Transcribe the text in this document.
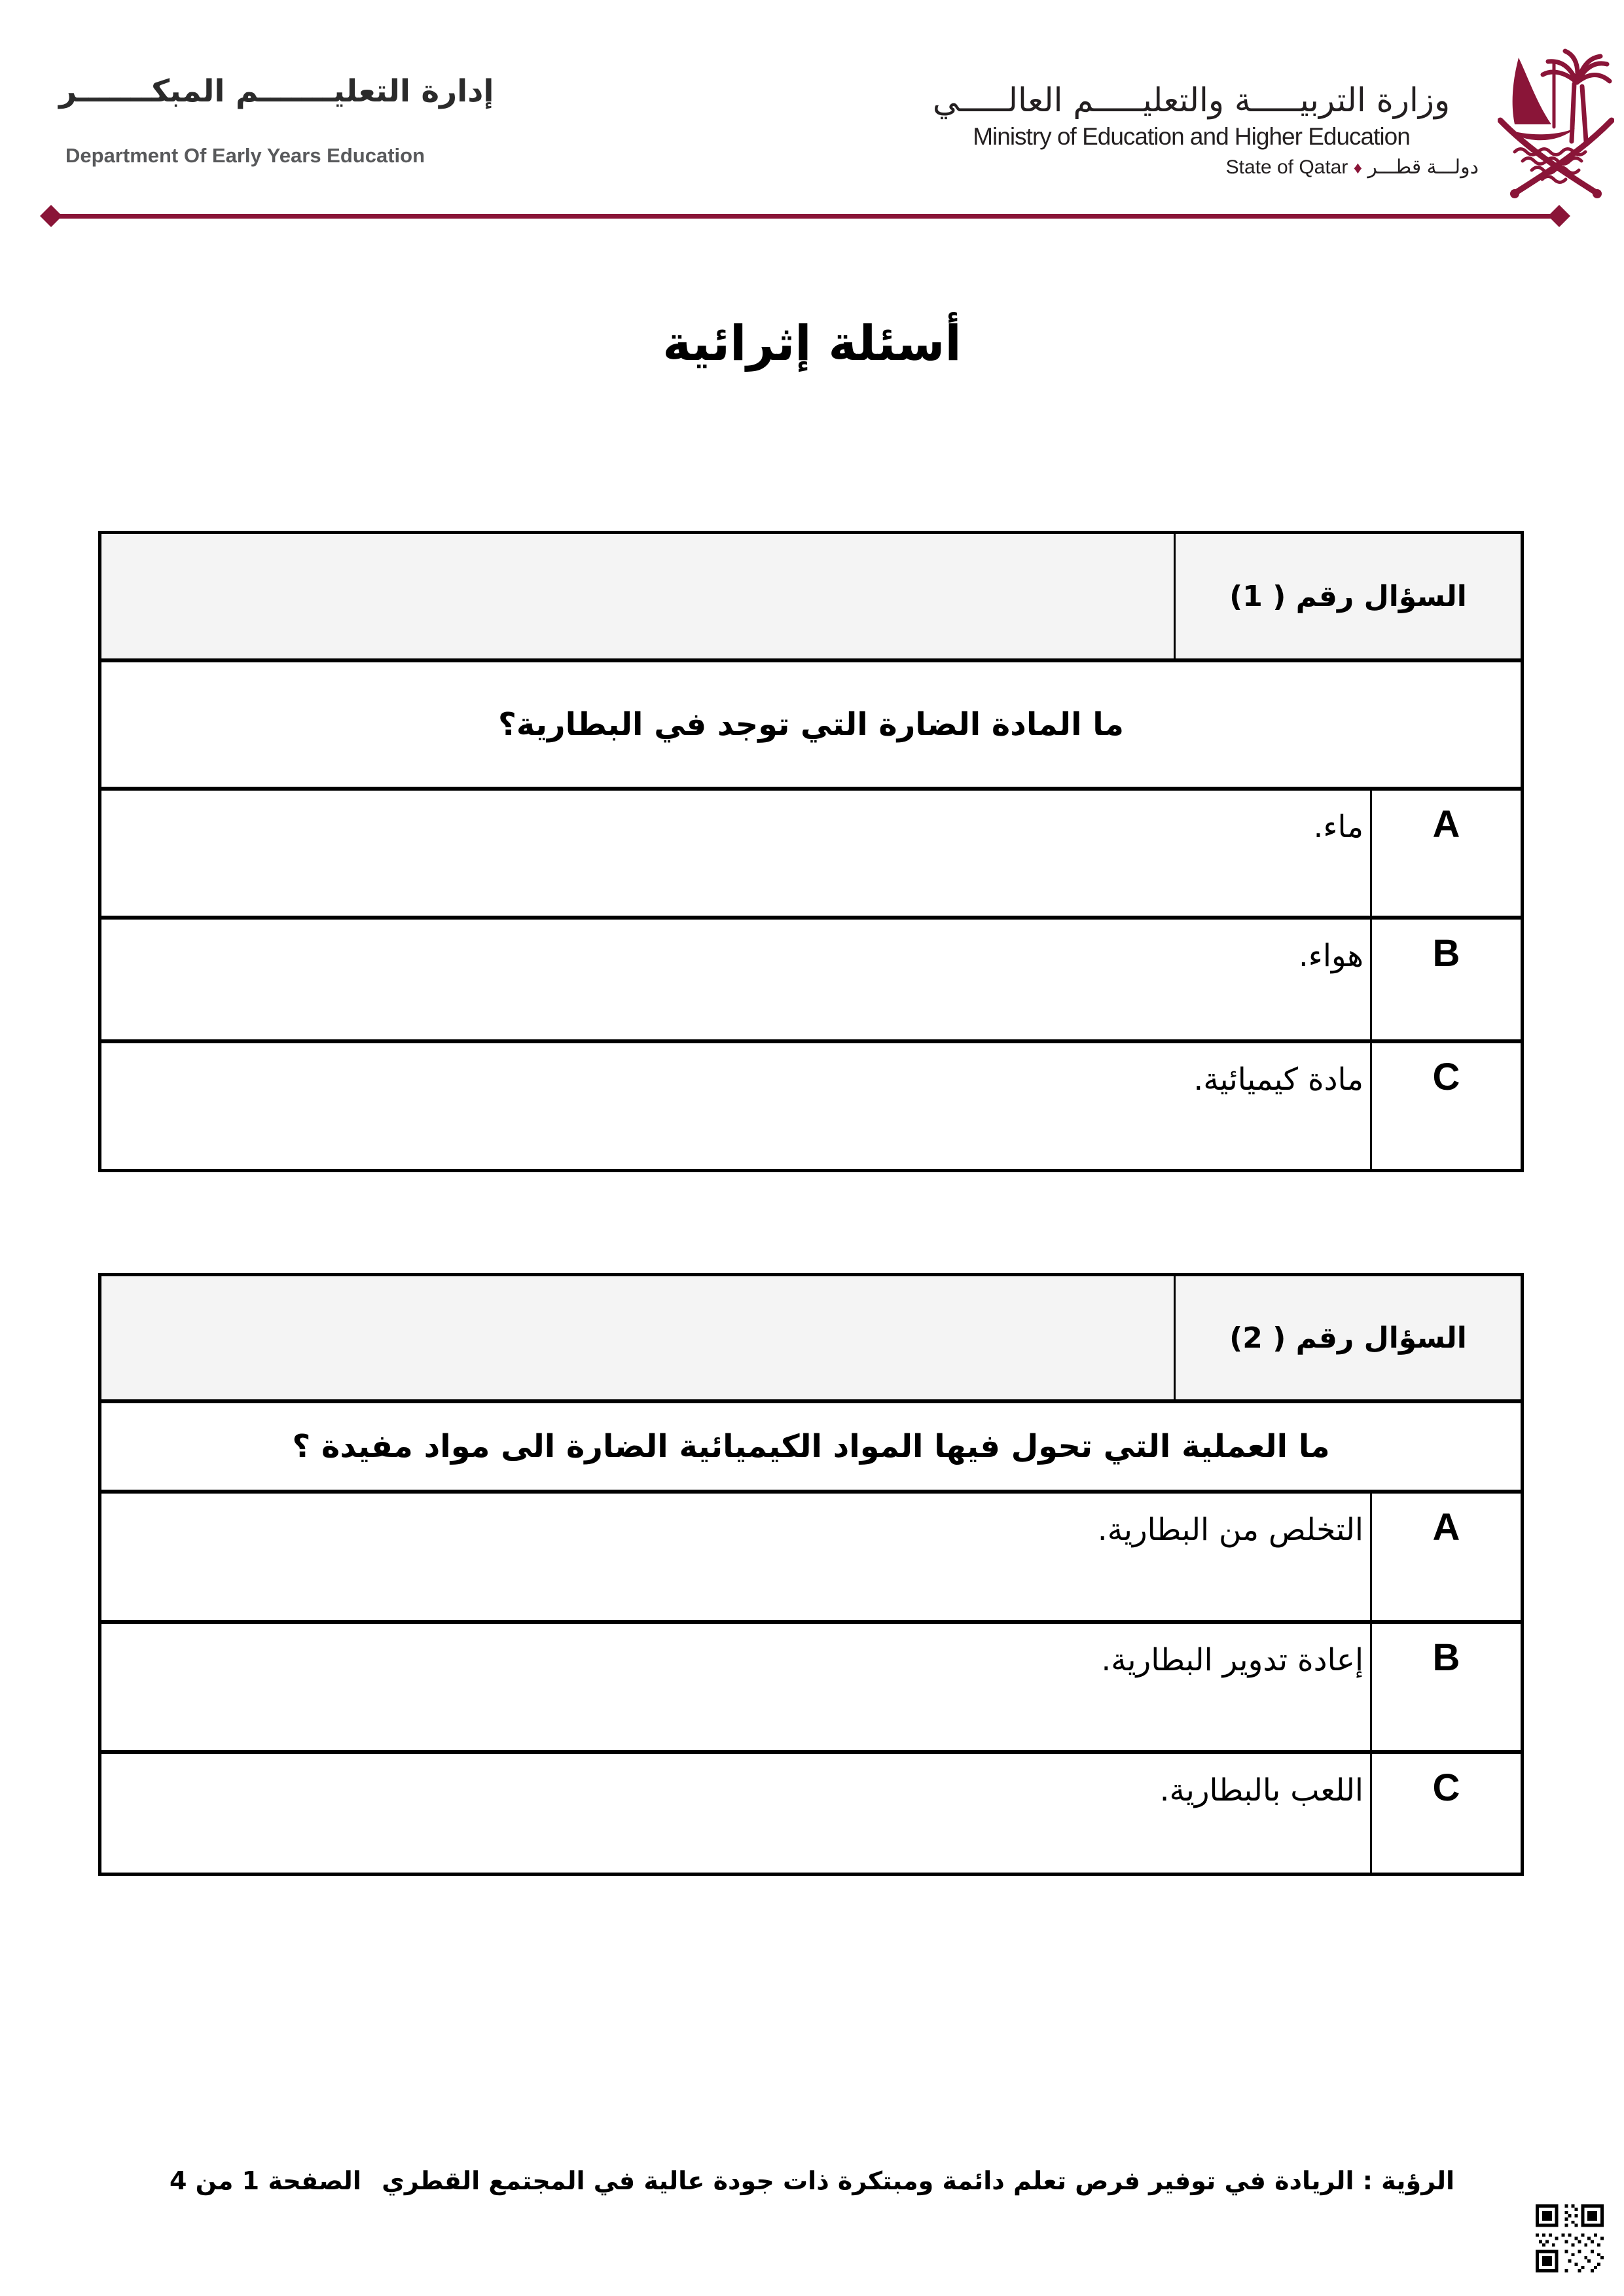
إدارة التعليـــــــم المبكـــــــر
Department Of Early Years Education
وزارة التربيـــــة والتعليـــــم العالـــــي
Ministry of Education and Higher Education
State of Qatar ♦ دولـــة قطـــر
أسئلة إثرائية
السؤال رقم ( 1)
ما المادة الضارة التي توجد في البطارية؟
ماء.	A
هواء.	B
مادة كيميائية.	C
السؤال رقم ( 2)
ما العملية التي تحول فيها المواد الكيميائية الضارة الى مواد مفيدة ؟
التخلص من البطارية.	A
إعادة تدوير البطارية.	B
اللعب بالبطارية.	C
الرؤية : الريادة في توفير فرص تعلم دائمة ومبتكرة ذات جودة عالية في المجتمع القطري الصفحة 1 من 4
